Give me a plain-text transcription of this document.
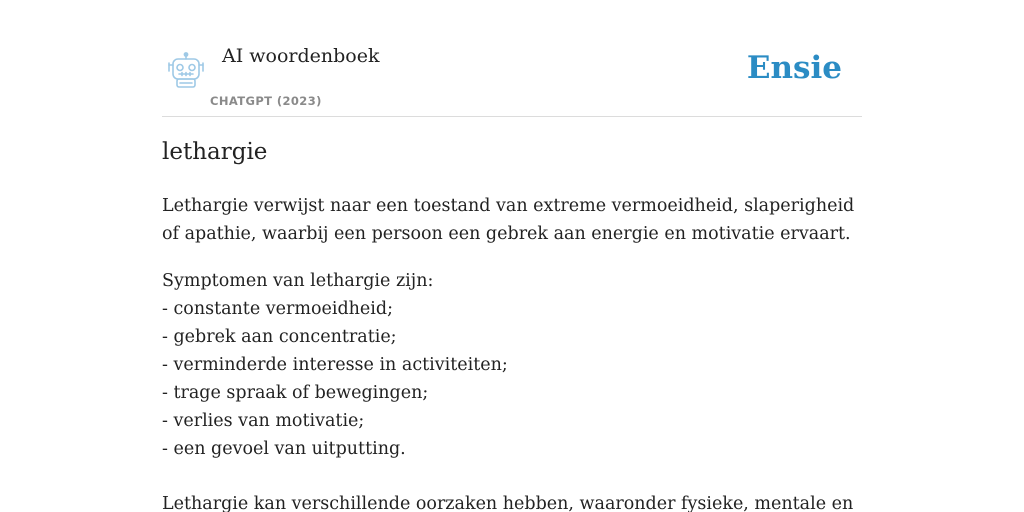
AI woordenboek
CHATGPT (2023)
Ensie
lethargie

Lethargie verwijst naar een toestand van extreme vermoeidheid, slaperigheid of apathie, waarbij een persoon een gebrek aan energie en motivatie ervaart.

Symptomen van lethargie zijn:
- constante vermoeidheid;
- gebrek aan concentratie;
- verminderde interesse in activiteiten;
- trage spraak of bewegingen;
- verlies van motivatie;
- een gevoel van uitputting.

Lethargie kan verschillende oorzaken hebben, waaronder fysieke, mentale en
